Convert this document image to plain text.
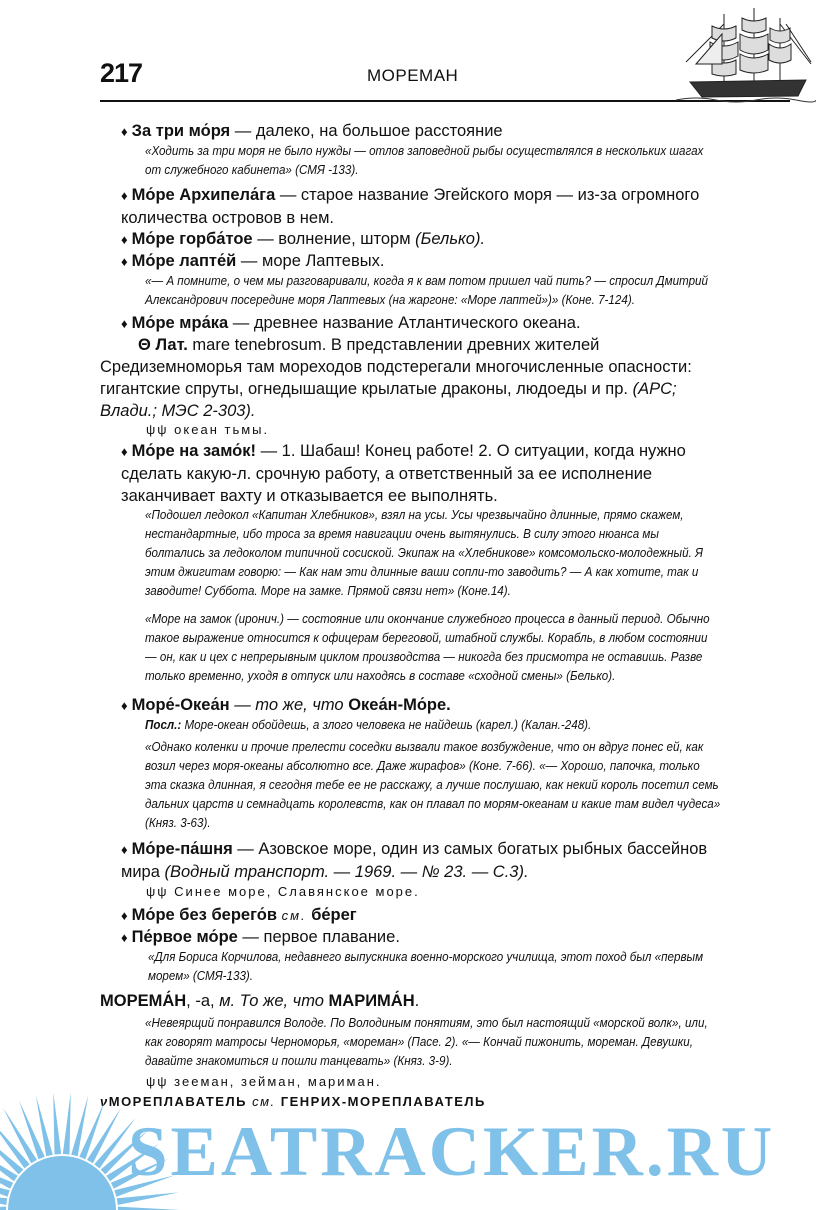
217	МОРЕМАН
♦ За три мо́ря — далеко, на большое расстояние
«Ходить за три моря не было нужды — отлов заповедной рыбы осуществлялся в нескольких шагах от служебного кабинета» (СМЯ -133).
♦ Мо́ре Архипела́га — старое название Эгейского моря — из-за огромного количества островов в нем.
♦ Мо́ре горба́тое — волнение, шторм (Белько).
♦ Мо́ре лапте́й — море Лаптевых.
«— А помните, о чем мы разговаривали, когда я к вам потом пришел чай пить? — спросил Дмитрий Александрович посередине моря Лаптевых (на жаргоне: «Море лаптей»)» (Коне. 7-124).
♦ Мо́ре мра́ка — древнее название Атлантического океана.
Θ Лат. mare tenebrosum. В представлении древних жителей Средиземноморья там мореходов подстерегали многочисленные опасности: гигантские спруты, огнедышащие крылатые драконы, людоеды и пр. (АРС; Влади.; МЭС 2-303).
ψψ океан тьмы.
♦ Мо́ре на замо́к! — 1. Шабаш! Конец работе! 2. О ситуации, когда нужно сделать какую-л. срочную работу, а ответственный за ее исполнение заканчивает вахту и отказывается ее выполнять.
«Подошел ледокол «Капитан Хлебников», взял на усы. Усы чрезвычайно длинные, прямо скажем, нестандартные, ибо троса за время навигации очень вытянулись. В силу этого нюанса мы болтались за ледоколом типичной сосиской. Экипаж на «Хлебникове» комсомольско-молодежный. Я этим джигитам говорю: — Как нам эти длинные ваши сопли-то заводить? — А как хотите, так и заводите! Суббота. Море на замке. Прямой связи нет» (Коне.14).
«Море на замок (иронич.) — состояние или окончание служебного процесса в данный период. Обычно такое выражение относится к офицерам береговой, штабной службы. Корабль, в любом состоянии — он, как и цех с непрерывным циклом производства — никогда без присмотра не оставишь. Разве только временно, уходя в отпуск или находясь в составе «сходной смены» (Белько).
♦ Море́-Океа́н — то же, что Океа́н-Мо́ре.
Посл.: Море-океан обойдешь, а злого человека не найдешь (карел.) (Калан.-248).
«Однако коленки и прочие прелести соседки вызвали такое возбуждение, что он вдруг понес ей, как возил через моря-океаны абсолютно все. Даже жирафов» (Коне. 7-66). «— Хорошо, папочка, только эта сказка длинная, я сегодня тебе ее не расскажу, а лучше послушаю, как некий король посетил семь дальних царств и семнадцать королевств, как он плавал по морям-океанам и какие там видел чудеса» (Княз. 3-63).
♦ Мо́ре-па́шня — Азовское море, один из самых богатых рыбных бассейнов мира (Водный транспорт. — 1969. — № 23. — С.3).
ψψ Синее море, Славянское море.
♦ Мо́ре без берего́в см. бе́рег
♦ Пе́рвое мо́ре — первое плавание.
«Для Бориса Корчилова, недавнего выпускника военно-морского училища, этот поход был «первым морем» (СМЯ-133).
МОРЕМА́Н, -а, м. То же, что МАРИМА́Н.
«Невеярщий понравился Володе. По Володиным понятиям, это был настоящий «морской волк», или, как говорят матросы Черноморья, «мореман» (Пасе. 2). «— Кончай пижонить, мореман. Девушки, давайте знакомиться и пошли танцевать» (Княз. 3-9).
ψψ зееман, зейман, мариман.
νМОРЕПЛАВАТЕЛЬ см. ГЕНРИХ-МОРЕПЛАВАТЕЛЬ
SEATRACKER.RU
